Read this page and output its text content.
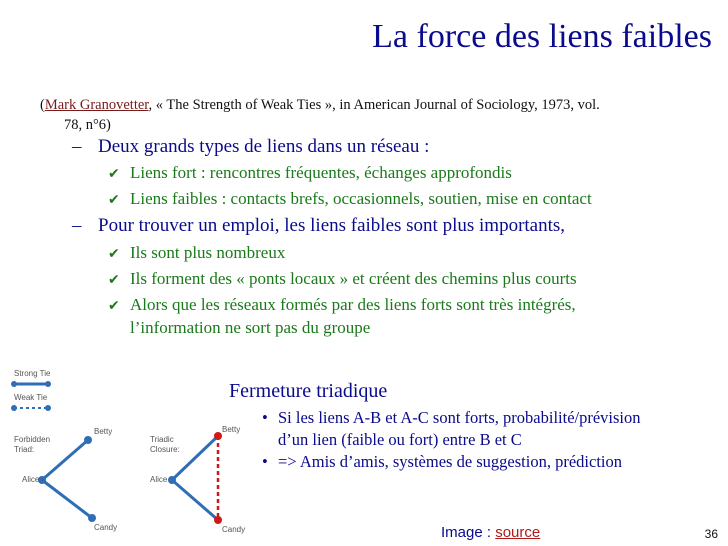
La force des liens faibles
(Mark Granovetter, « The Strength of Weak Ties », in American Journal of Sociology, 1973, vol.
78, n°6)
– Deux grands types de liens dans un réseau :
✔ Liens fort : rencontres fréquentes, échanges approfondis
✔ Liens faibles : contacts brefs, occasionnels, soutien, mise en contact
– Pour trouver un emploi, les liens faibles sont plus importants,
✔ Ils sont plus nombreux
✔ Ils forment des « ponts locaux » et créent des chemins plus courts
✔ Alors que les réseaux formés par des liens forts sont très intégrés,
l’information ne sort pas du groupe
Strong Tie
Weak Tie
Forbidden
Triad:
Betty
Alice
Candy
Triadic
Closure:
Betty
Alice
Candy
Fermeture triadique
• Si les liens A-B et A-C sont forts, probabilité/prévision
d’un lien (faible ou fort) entre B et C
• => Amis d’amis, systèmes de suggestion, prédiction
Image : source	36
